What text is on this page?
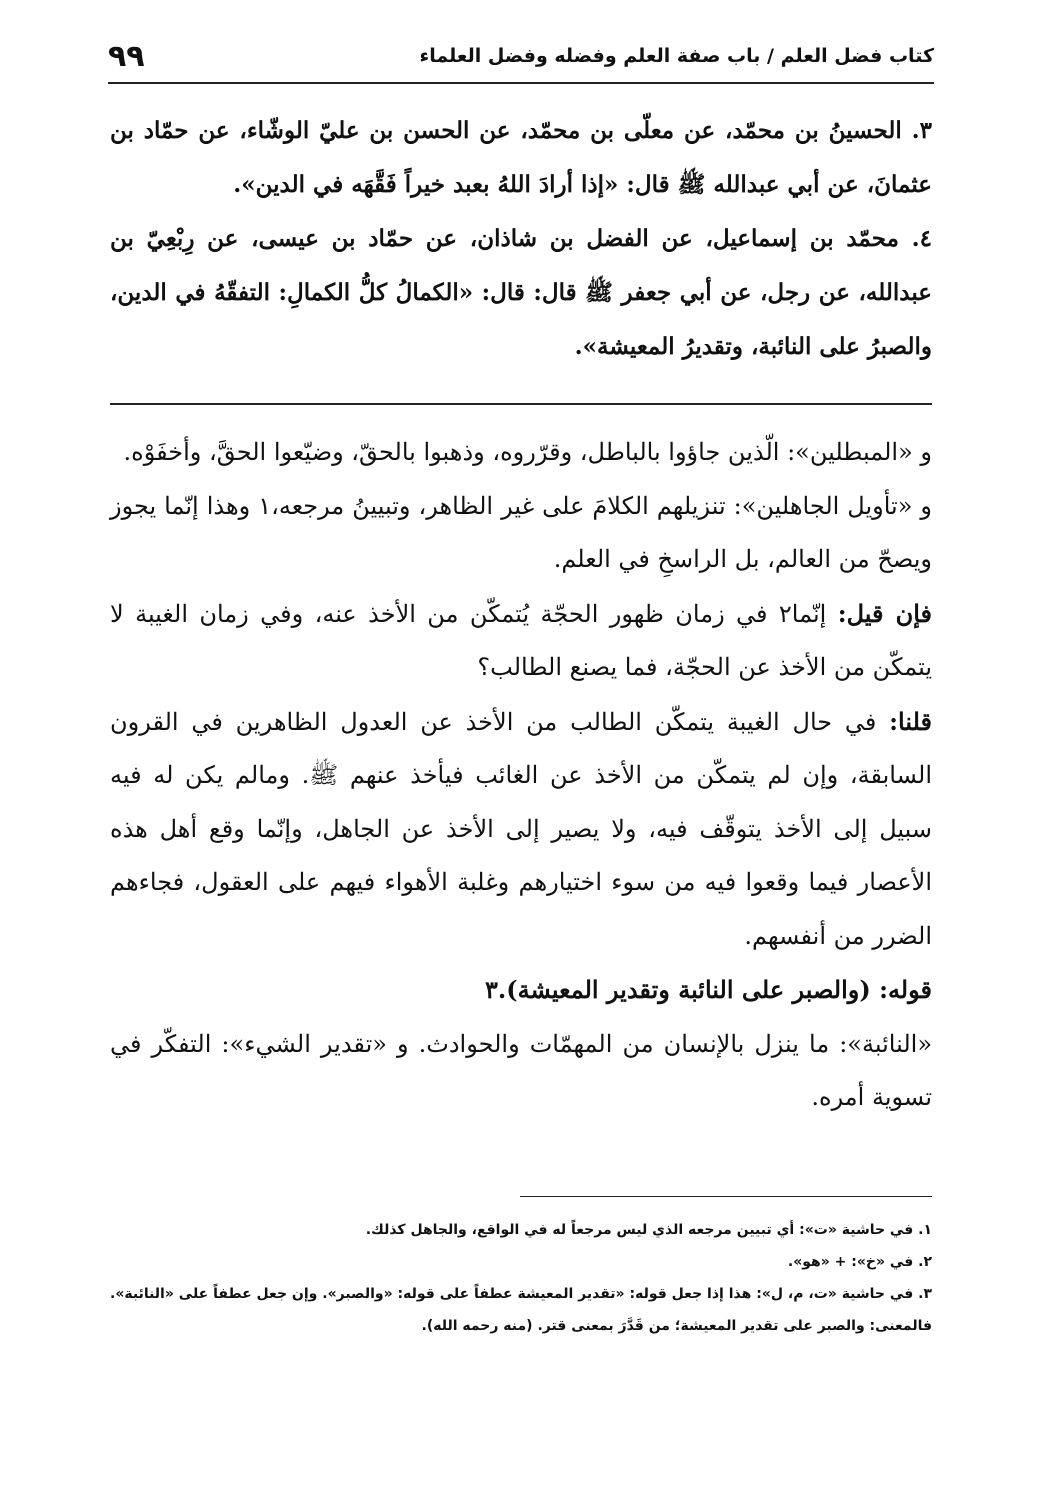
كتاب فضل العلم / باب صفة العلم وفضله وفضل العلماء
٩٩

٣. الحسينُ بن محمّد، عن معلّى بن محمّد، عن الحسن بن عليّ الوشّاء، عن حمّاد بن عثمانَ، عن أبي عبدالله ﷺ قال: «إذا أرادَ اللهُ بعبد خيراً فَقَّهَه في الدين».

٤. محمّد بن إسماعيل، عن الفضل بن شاذان، عن حمّاد بن عيسى، عن رِبْعِيّ بن عبدالله، عن رجل، عن أبي جعفر ﷺ قال: قال: «الكمالُ كلُّ الكمالِ: التفقّهُ في الدين، والصبرُ على النائبة، وتقديرُ المعيشة».

و «المبطلين»: الّذين جاؤوا بالباطل، وقرّروه، وذهبوا بالحقّ، وضيّعوا الحقَّ، وأخفَوْه.

و «تأويل الجاهلين»: تنزيلهم الكلامَ على غير الظاهر، وتبيينُ مرجعه،١ وهذا إنّما يجوز ويصحّ من العالم، بل الراسخِ في العلم.

فإن قيل: إنّما٢ في زمان ظهور الحجّة يُتمكّن من الأخذ عنه، وفي زمان الغيبة لا يتمكّن من الأخذ عن الحجّة، فما يصنع الطالب؟

قلنا: في حال الغيبة يتمكّن الطالب من الأخذ عن العدول الظاهرين في القرون السابقة، وإن لم يتمكّن من الأخذ عن الغائب فيأخذ عنهم ﷺ. ومالم يكن له فيه سبيل إلى الأخذ يتوقّف فيه، ولا يصير إلى الأخذ عن الجاهل، وإنّما وقع أهل هذه الأعصار فيما وقعوا فيه من سوء اختيارهم وغلبة الأهواء فيهم على العقول، فجاءهم الضرر من أنفسهم.

قوله: (والصبر على النائبة وتقدير المعيشة).٣

«النائبة»: ما ينزل بالإنسان من المهمّات والحوادث. و «تقدير الشيء»: التفكّر في تسوية أمره.

١. في حاشية «ت»: أي تبيين مرجعه الذي ليس مرجعاً له في الواقع، والجاهل كذلك.

٢. في «خ»: + «هو».

٣. في حاشية «ت، م، ل»: هذا إذا جعل قوله: «تقدير المعيشة عطفاً على قوله: «والصبر». وإن جعل عطفاً على «النائبة». فالمعنى: والصبر على تقدير المعيشة؛ من قَدَّرَ بمعنى قتر. (منه رحمه الله).
